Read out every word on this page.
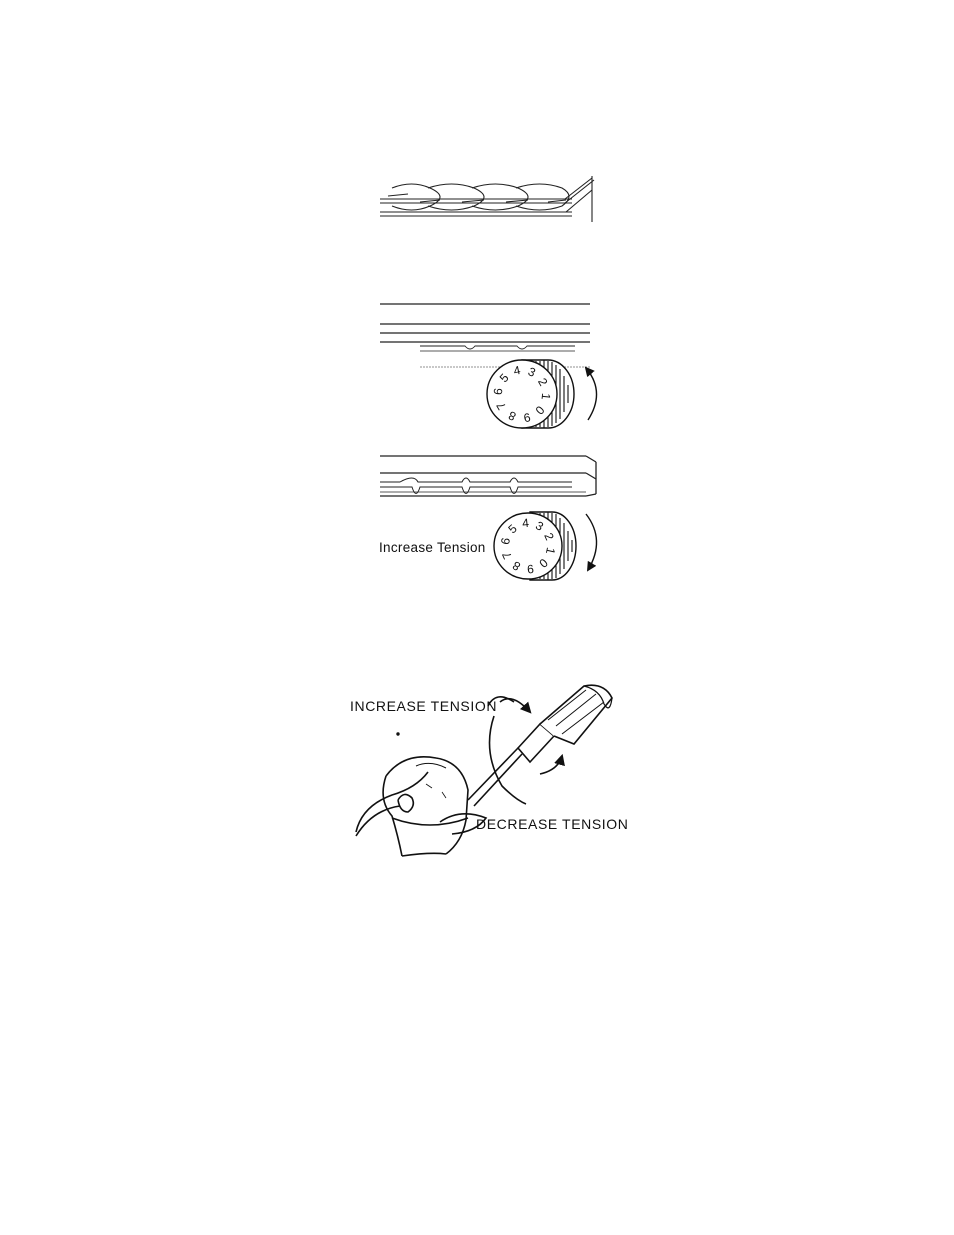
4 3
2
1
0
9
8
7
6
5
4 3
2
1
0
9
8
7
6
5
Increase Tension
INCREASE TENSION
DECREASE TENSION
